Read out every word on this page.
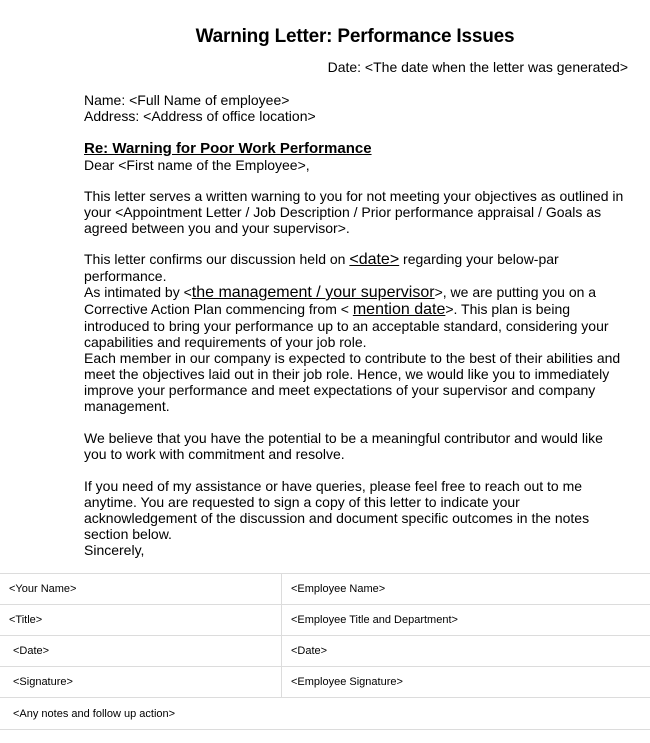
Warning Letter: Performance Issues
Date: <The date when the letter was generated>
Name: <Full Name of employee>
Address: <Address of office location>
Re: Warning for Poor Work Performance
Dear <First name of the Employee>,
This letter serves a written warning to you for not meeting your objectives as outlined in your <Appointment Letter / Job Description / Prior performance appraisal / Goals as agreed between you and your supervisor>.
This letter confirms our discussion held on <date> regarding your below-par performance.
As intimated by <the management / your supervisor>, we are putting you on a Corrective Action Plan commencing from < mention date>. This plan is being introduced to bring your performance up to an acceptable standard, considering your capabilities and requirements of your job role.
Each member in our company is expected to contribute to the best of their abilities and meet the objectives laid out in their job role. Hence, we would like you to immediately improve your performance and meet expectations of your supervisor and company management.
We believe that you have the potential to be a meaningful contributor and would like you to work with commitment and resolve.
If you need of my assistance or have queries, please feel free to reach out to me anytime. You are requested to sign a copy of this letter to indicate your acknowledgement of the discussion and document specific outcomes in the notes section below.
Sincerely,
<Your Name>	<Employee Name>
<Title>	<Employee Title and Department>
<Date>	<Date>
<Signature>	<Employee Signature>
<Any notes and follow up action>	
